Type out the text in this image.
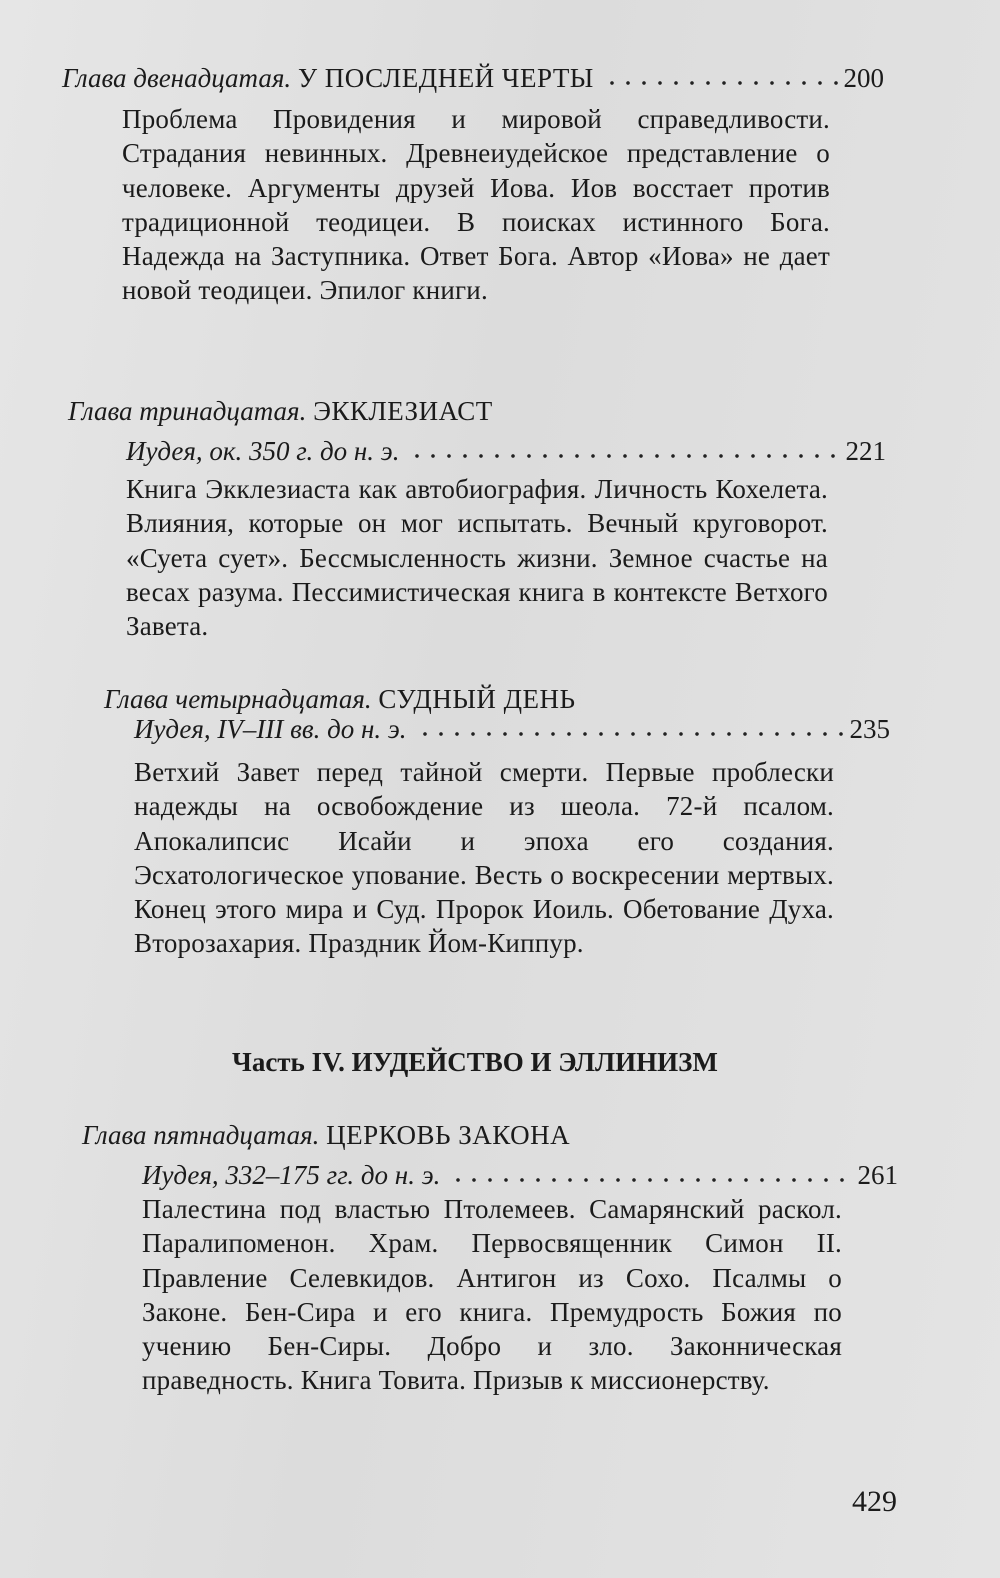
Глава двенадцатая. У ПОСЛЕДНЕЙ ЧЕРТЫ	200
Проблема Провидения и мировой справедливости. Страдания невинных. Древнеиудейское представление о человеке. Аргументы друзей Иова. Иов восстает против традиционной теодицеи. В поисках истинного Бога. Надежда на Заступника. Ответ Бога. Автор «Иова» не дает новой теодицеи. Эпилог книги.
Глава тринадцатая. ЭККЛЕЗИАСТ
Иудея, ок. 350 г. до н. э.	221
Книга Экклезиаста как автобиография. Личность Кохелета. Влияния, которые он мог испытать. Вечный круговорот. «Суета сует». Бессмысленность жизни. Земное счастье на весах разума. Пессимистическая книга в контексте Ветхого Завета.
Глава четырнадцатая. СУДНЫЙ ДЕНЬ
Иудея, IV–III вв. до н. э.	235
Ветхий Завет перед тайной смерти. Первые проблески надежды на освобождение из шеола. 72-й псалом. Апокалипсис Исайи и эпоха его создания. Эсхатологическое упование. Весть о воскресении мертвых. Конец этого мира и Суд. Пророк Иоиль. Обетование Духа. Второзахария. Праздник Йом-Киппур.
Часть IV. ИУДЕЙСТВО И ЭЛЛИНИЗМ
Глава пятнадцатая. ЦЕРКОВЬ ЗАКОНА
Иудея, 332–175 гг. до н. э.	261
Палестина под властью Птолемеев. Самарянский раскол. Паралипоменон. Храм. Первосвященник Симон II. Правление Селевкидов. Антигон из Сохо. Псалмы о Законе. Бен-Сира и его книга. Премудрость Божия по учению Бен-Сиры. Добро и зло. Законническая праведность. Книга Товита. Призыв к миссионерству.
429
